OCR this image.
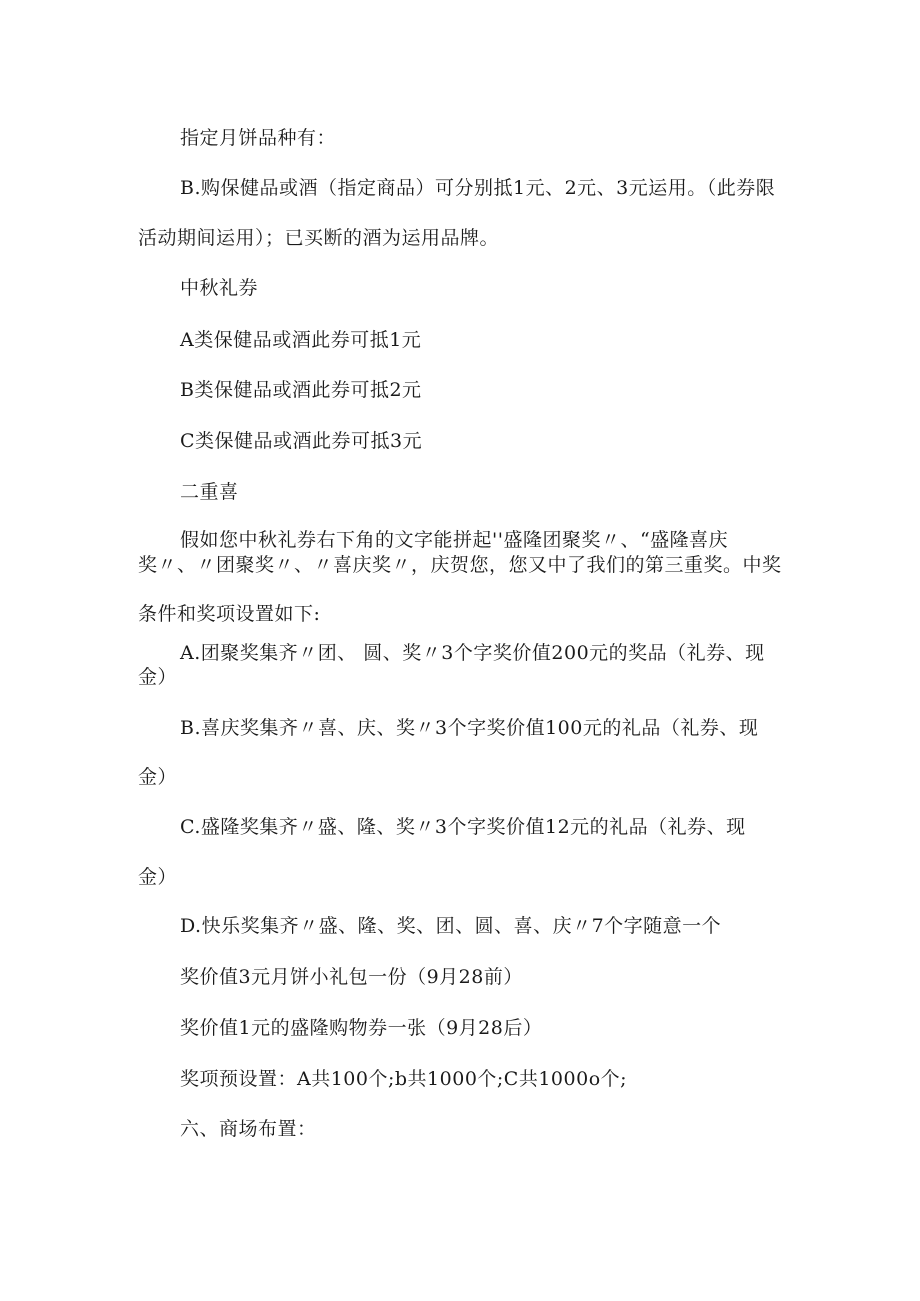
指定月饼品种有：
B.购保健品或酒（指定商品）可分别抵1元、2元、3元运用。（此券限
活动期间运用）；已买断的酒为运用品牌。
中秋礼券
A类保健品或酒此券可抵1元
B类保健品或酒此券可抵2元
C类保健品或酒此券可抵3元
二重喜
假如您中秋礼券右下角的文字能拼起''盛隆团聚奖〃、“盛隆喜庆
奖〃、〃团聚奖〃、〃喜庆奖〃，庆贺您，您又中了我们的第三重奖。中奖
条件和奖项设置如下:
A.团聚奖集齐〃团、 圆、奖〃3个字奖价值200元的奖品（礼券、现
金）
B.喜庆奖集齐〃喜、庆、奖〃3个字奖价值100元的礼品（礼券、现
金）
C.盛隆奖集齐〃盛、隆、奖〃3个字奖价值12元的礼品（礼券、现
金）
D.快乐奖集齐〃盛、隆、奖、团、圆、喜、庆〃7个字随意一个
奖价值3元月饼小礼包一份（9月28前）
奖价值1元的盛隆购物券一张（9月28后）
奖项预设置：A共100个;b共1000个;C共1000o个;
六、商场布置：
